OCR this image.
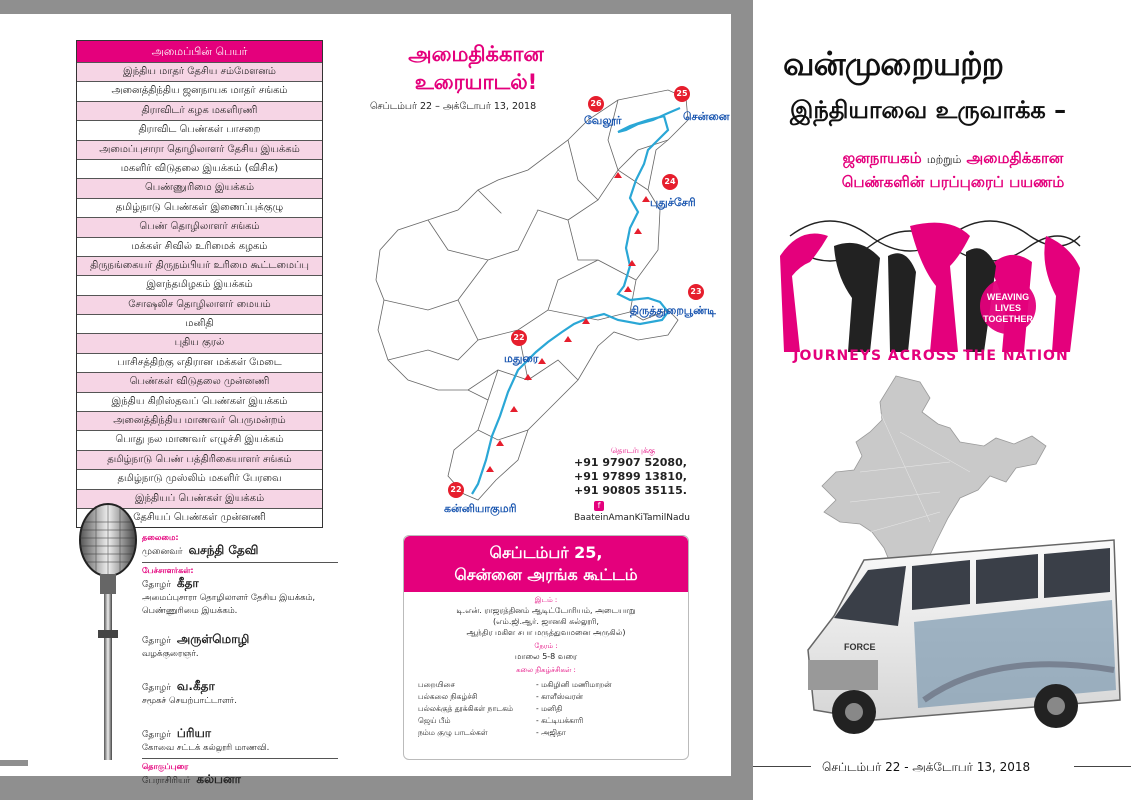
அமைப்பின் பெயர்
இந்திய மாதர் தேசிய சம்மேளனம்
அனைத்திந்திய ஜனநாயக மாதர் சங்கம்
திராவிடர் கழக மகளிரணி
திராவிட பெண்கள் பாசறை
அமைப்புசாரா தொழிலாளர் தேசிய இயக்கம்
மகளிர் விடுதலை இயக்கம் (விசிக)
பெண்ணுரிமை இயக்கம்
தமிழ்நாடு பெண்கள் இணைப்புக்குழு
பெண் தொழிலாளர் சங்கம்
மக்கள் சிவில் உரிமைக் கழகம்
திருநங்கையர் திருநம்பியர் உரிமை கூட்டமைப்பு
இளந்தமிழகம் இயக்கம்
சோஷலிச தொழிலாளர் மையம்
மனிதி
புதிய குரல்
பாசிசத்திற்கு எதிரான மக்கள் மேடை
பெண்கள் விடுதலை முன்னணி
இந்திய கிறிஸ்தவப் பெண்கள் இயக்கம்
அனைத்திந்திய மாணவர் பெருமன்றம்
பொது நல மாணவர் எழுச்சி இயக்கம்
தமிழ்நாடு பெண் பத்திரிகையாளர் சங்கம்
தமிழ்நாடு முஸ்லிம் மகளிர் பேரவை
இந்தியப் பெண்கள் இயக்கம்
தேசியப் பெண்கள் முன்னணி
தலைமை:
முனைவர் வசந்தி தேவி
பேச்சாளர்கள்:
தோழர் கீதா
அமைப்புசாரா தொழிலாளர் தேசிய இயக்கம்,
பெண்ணுரிமை இயக்கம்.
தோழர் அருள்மொழி
வழக்குரைஞர்.
தோழர் வ.கீதா
சமூகச் செயற்பாட்டாளர்.
தோழர் ப்ரியா
கோவை சட்டக் கல்லூரி மாணவி.
தொகுப்புரை
பேராசிரியர் கல்பனா
அமைதிக்கான
உரையாடல்!
செப்டம்பர் 22 – அக்டோபர் 13, 2018
25
26
24
23
22
22
சென்னை
வேலூர்
புதுச்சேரி
திருத்துறைபூண்டி
மதுரை
கன்னியாகுமரி
தொடர்புக்கு
+91 97907 52080,
+91 97899 13810,
+91 90805 35115.
f
BaateinAmanKiTamilNadu
செப்டம்பர் 25,
சென்னை அரங்க கூட்டம்
இடம் :
டி.என். ராஜரத்தினம் ஆடிட்டோரியம், அடையாறு
(எம்.ஜி.ஆர். ஜானகி கல்லூரி,
ஆந்திர மகிள சபா மருத்துவமனை அருகில்)
நேரம் :
மாலை 5-8 வரை
கலை நிகழ்ச்சிகள் :
பறையிசை	- மகிழினி மணிமாறன்
பல்கலை நிகழ்ச்சி	- காளீஸ்வரன்
பல்லக்குத் தூக்கிகள் நாடகம்	- மனிதி
ஜெய் பீம்	- கட்டியக்காரி
நம்ம குழு பாடல்கள்	- அஜிதா
வன்முறையற்ற
இந்தியாவை உருவாக்க –
ஜனநாயகம் மற்றும் அமைதிக்கான
பெண்களின் பரப்புரைப் பயணம்
WEAVING
LIVES
TOGETHER
JOURNEYS ACROSS THE NATION
FORCE
செப்டம்பர் 22 - அக்டோபர் 13, 2018
